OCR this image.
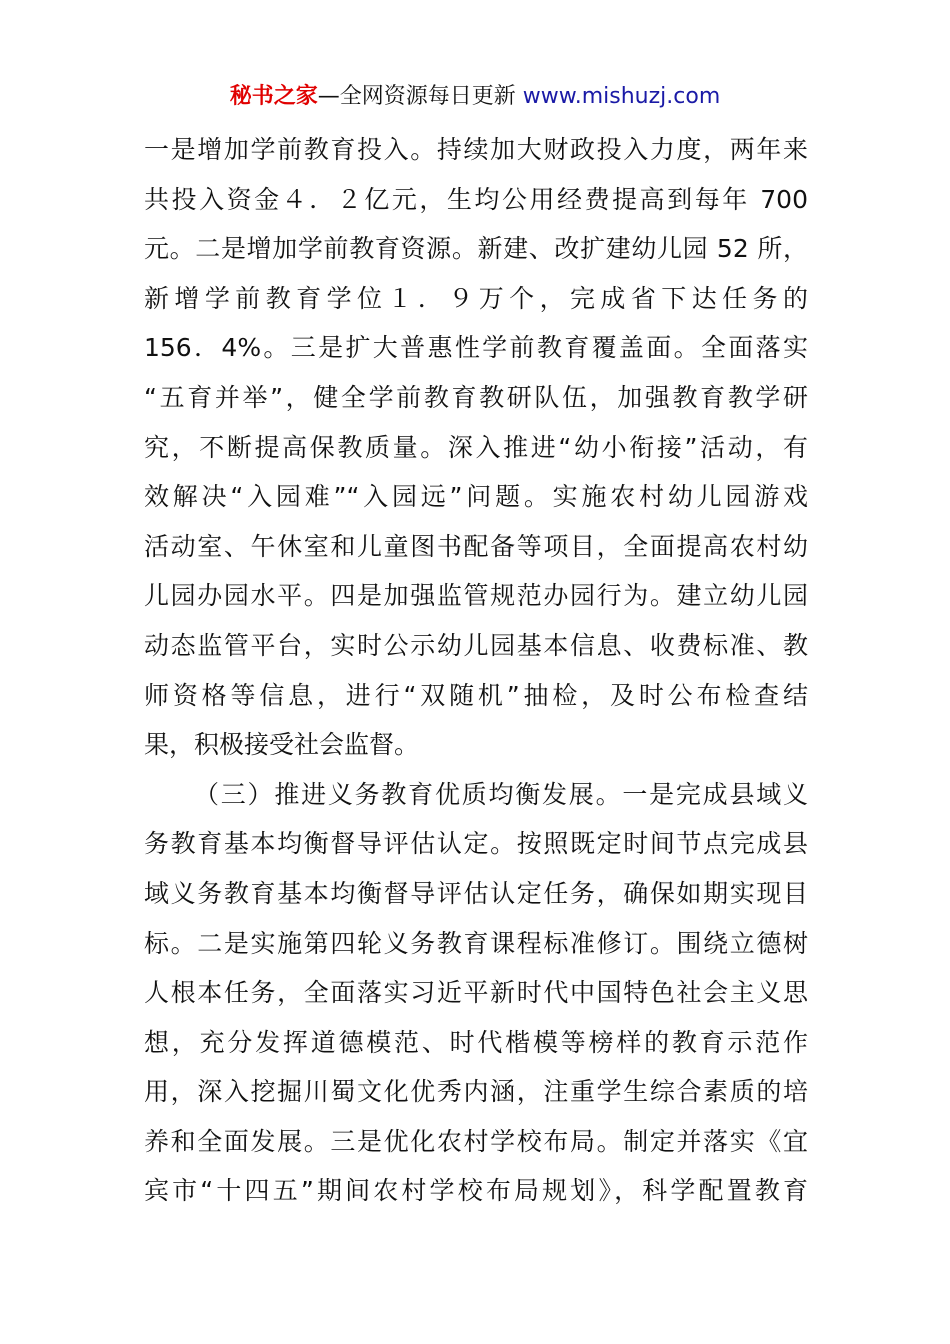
秘书之家—全网资源每日更新 www.mishuzj.com
一是增加学前教育投入。持续加大财政投入力度，两年来
共投入资金４．２亿元，生均公用经费提高到每年 700
元。二是增加学前教育资源。新建、改扩建幼儿园 52 所，
新增学前教育学位１．９万个，完成省下达任务的
156．4%。三是扩大普惠性学前教育覆盖面。全面落实
“五育并举”，健全学前教育教研队伍，加强教育教学研
究，不断提高保教质量。深入推进“幼小衔接”活动，有
效解决“入园难”“入园远”问题。实施农村幼儿园游戏
活动室、午休室和儿童图书配备等项目，全面提高农村幼
儿园办园水平。四是加强监管规范办园行为。建立幼儿园
动态监管平台，实时公示幼儿园基本信息、收费标准、教
师资格等信息，进行“双随机”抽检，及时公布检查结
果，积极接受社会监督。
（三）推进义务教育优质均衡发展。一是完成县域义
务教育基本均衡督导评估认定。按照既定时间节点完成县
域义务教育基本均衡督导评估认定任务，确保如期实现目
标。二是实施第四轮义务教育课程标准修订。围绕立德树
人根本任务，全面落实习近平新时代中国特色社会主义思
想，充分发挥道德模范、时代楷模等榜样的教育示范作
用，深入挖掘川蜀文化优秀内涵，注重学生综合素质的培
养和全面发展。三是优化农村学校布局。制定并落实《宜
宾市“十四五”期间农村学校布局规划》，科学配置教育
